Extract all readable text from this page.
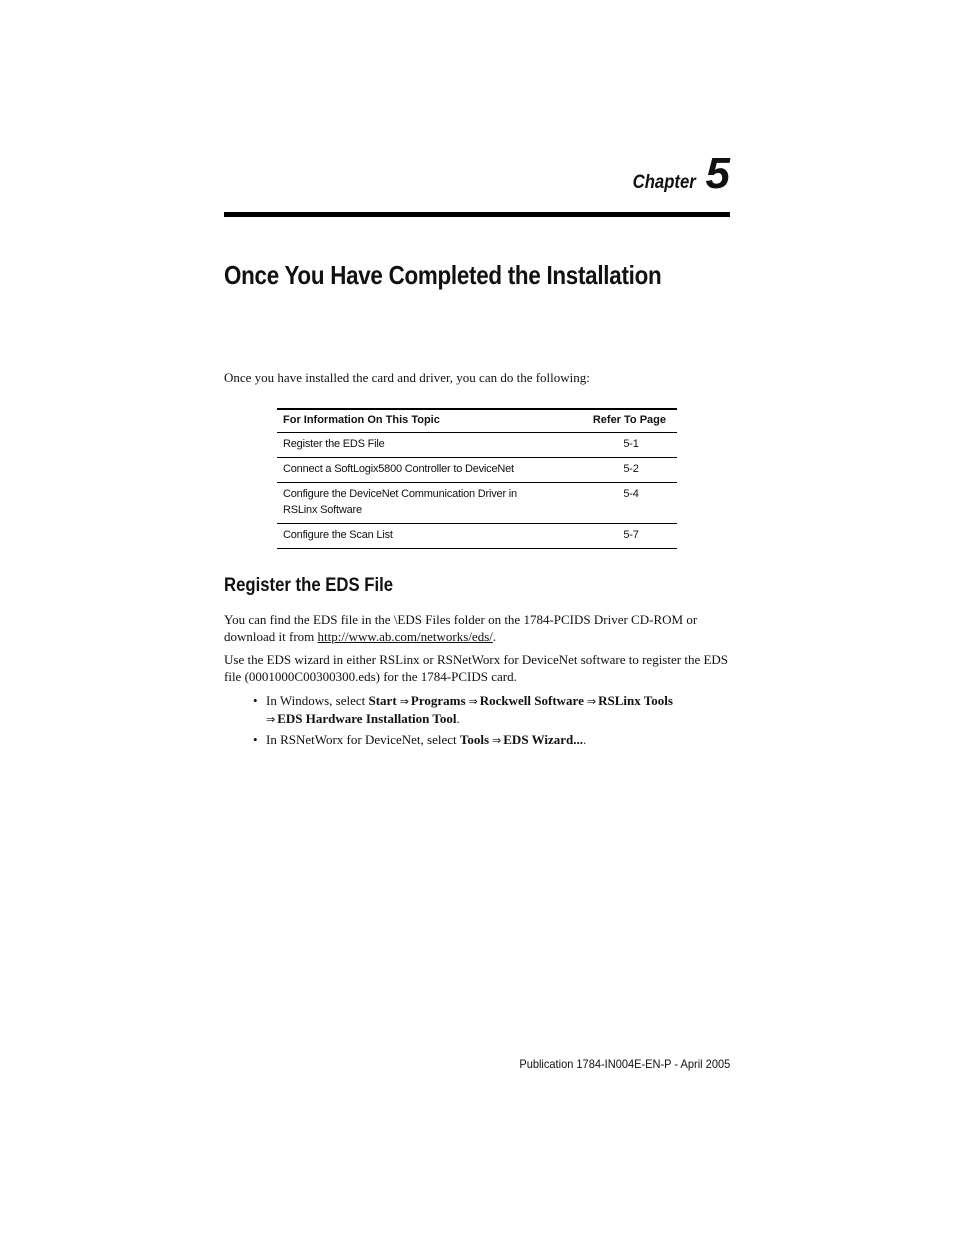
Chapter 5
Once You Have Completed the Installation

Once you have installed the card and driver, you can do the following:

For Information On This Topic	Refer To Page
Register the EDS File	5-1
Connect a SoftLogix5800 Controller to DeviceNet	5-2
Configure the DeviceNet Communication Driver in RSLinx Software	5-4
Configure the Scan List	5-7
Register the EDS File

You can find the EDS file in the \EDS Files folder on the 1784-PCIDS Driver CD-ROM or download it from http://www.ab.com/networks/eds/.

Use the EDS wizard in either RSLinx or RSNetWorx for DeviceNet software to register the EDS file (0001000C00300300.eds) for the 1784-PCIDS card.

• In Windows, select Start ⇒ Programs ⇒ Rockwell Software ⇒ RSLinx Tools
⇒ EDS Hardware Installation Tool.
• In RSNetWorx for DeviceNet, select Tools ⇒ EDS Wizard....

Publication 1784-IN004E-EN-P - April 2005
